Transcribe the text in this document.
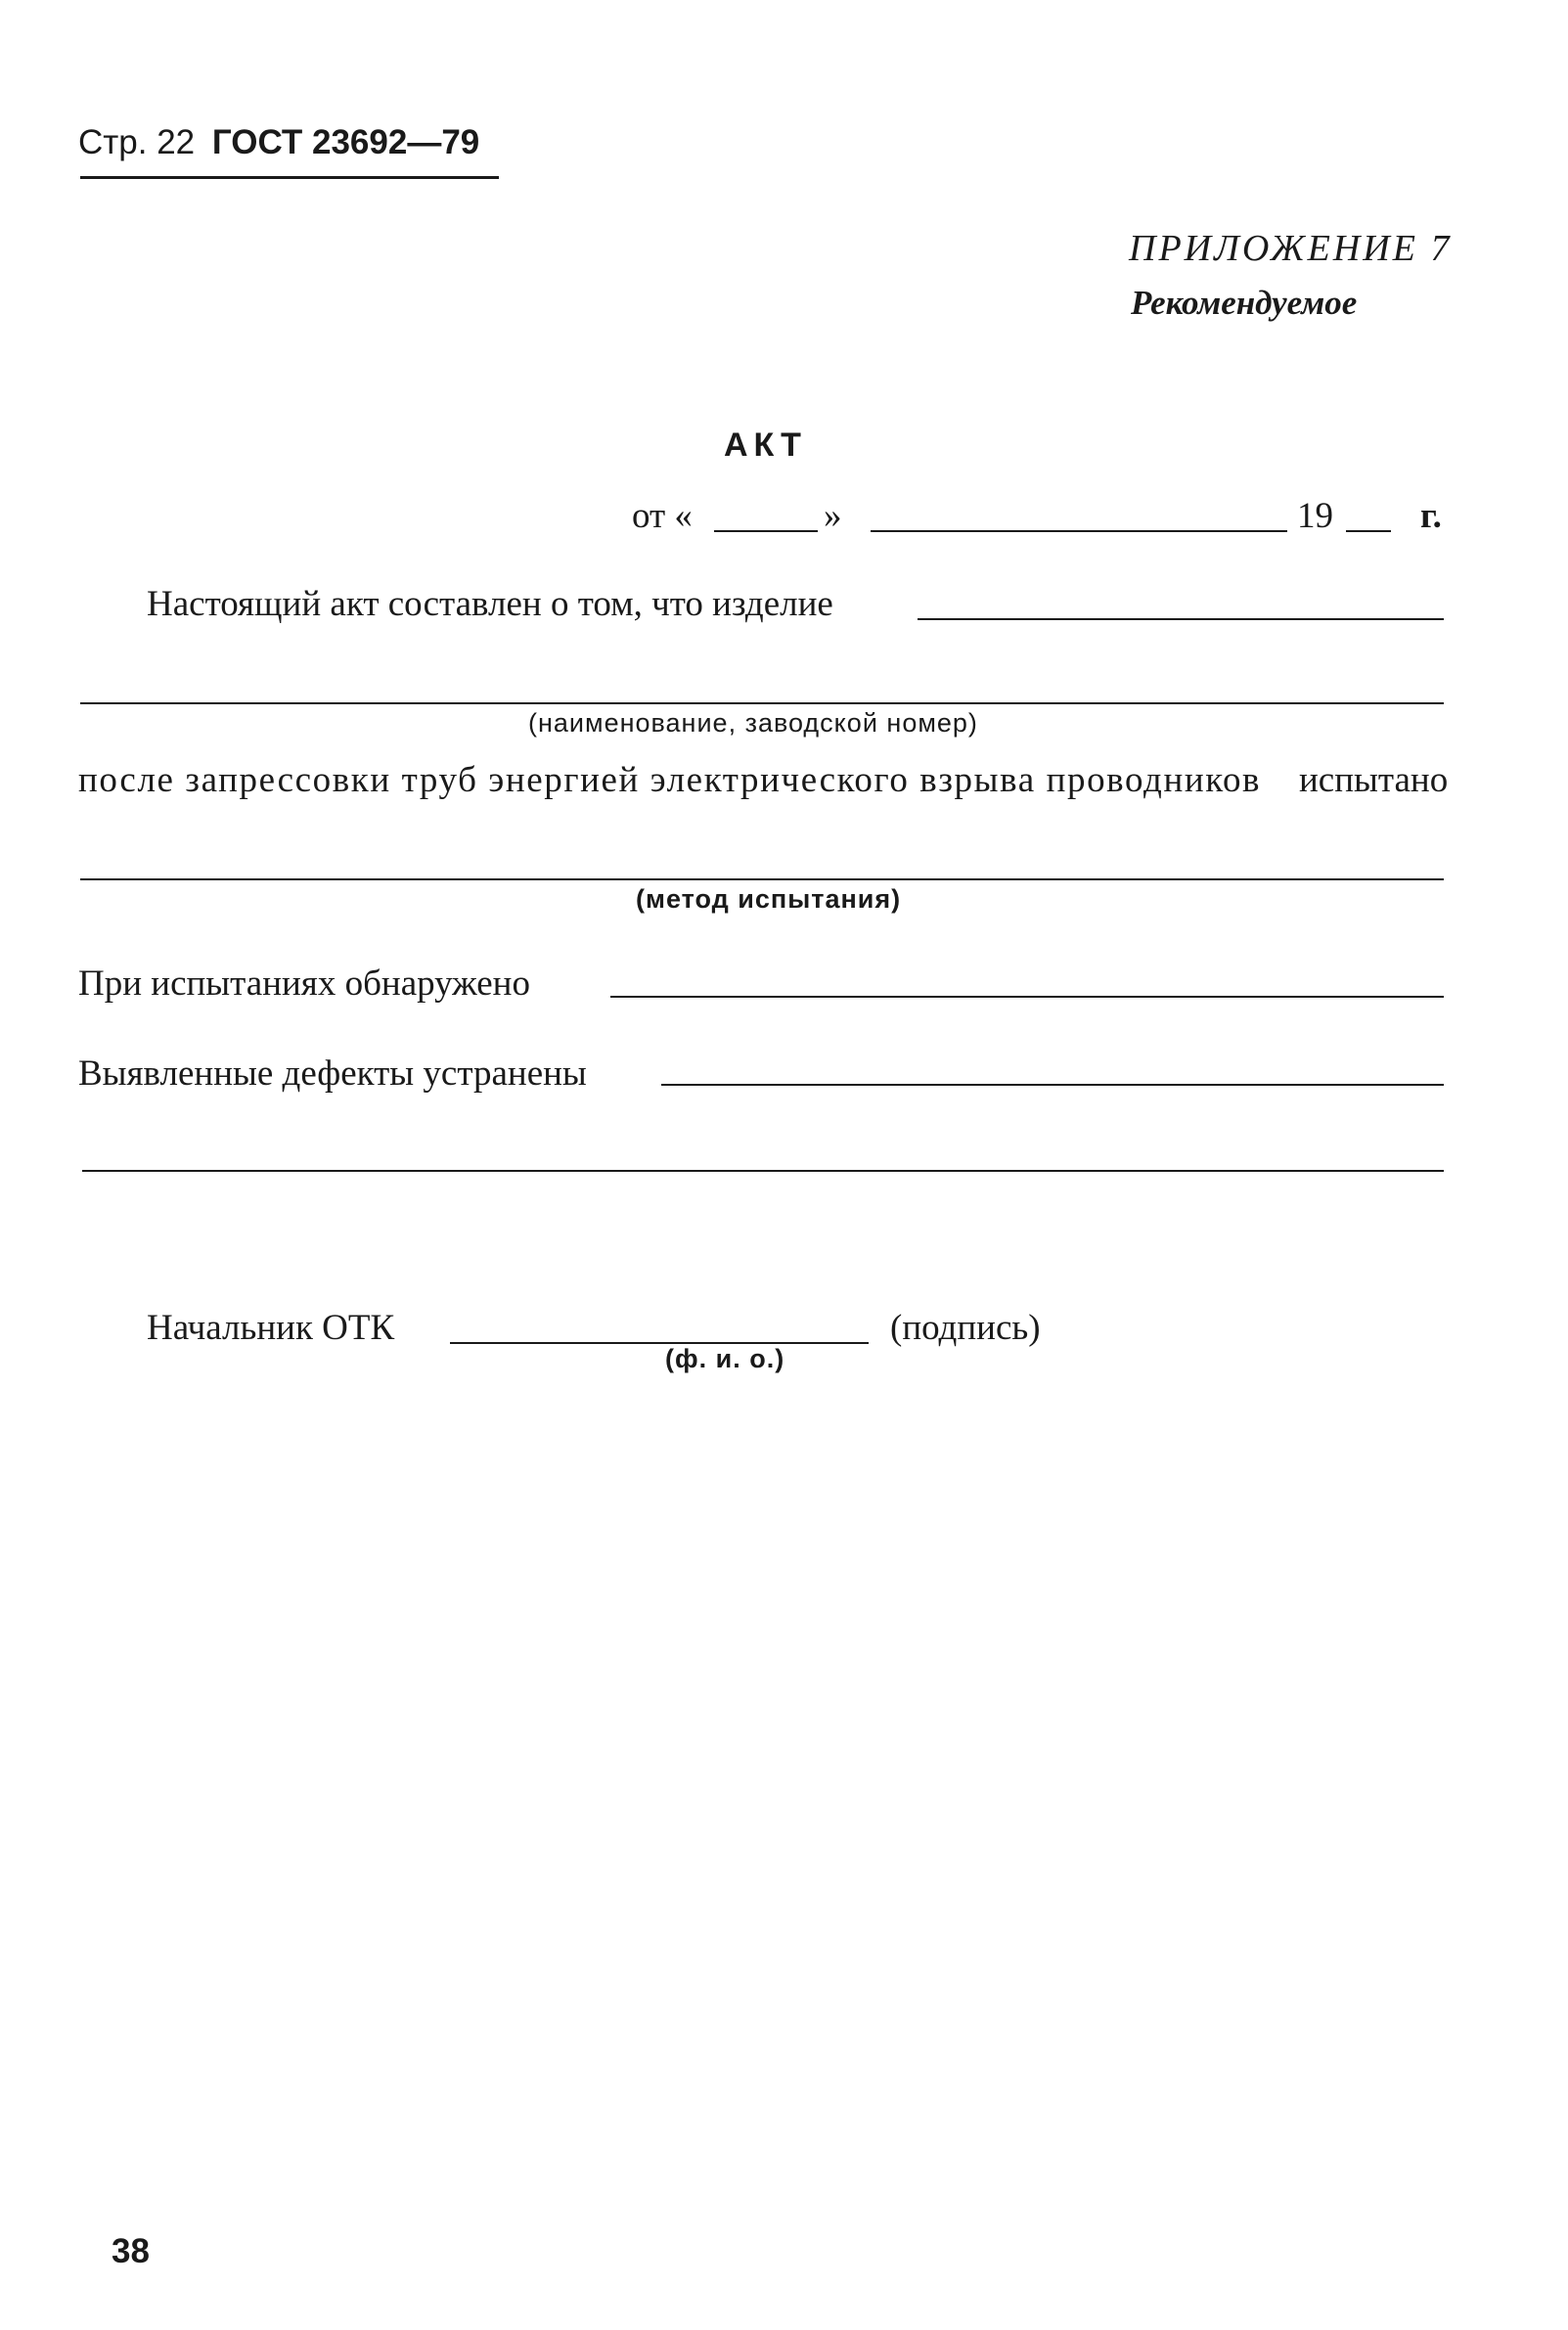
Стр. 22 ГОСТ 23692—79
ПРИЛОЖЕНИЕ 7
Рекомендуемое
АКТ
от «	»	19 г.
Настоящий акт составлен о том, что изделие
(наименование, заводской номер)
после запрессовки труб энергией электрического взрыва проводников испытано
(метод испытания)
При испытаниях обнаружено
Выявленные дефекты устранены
Начальник ОТК
(ф. и. о.)
(подпись)
38
